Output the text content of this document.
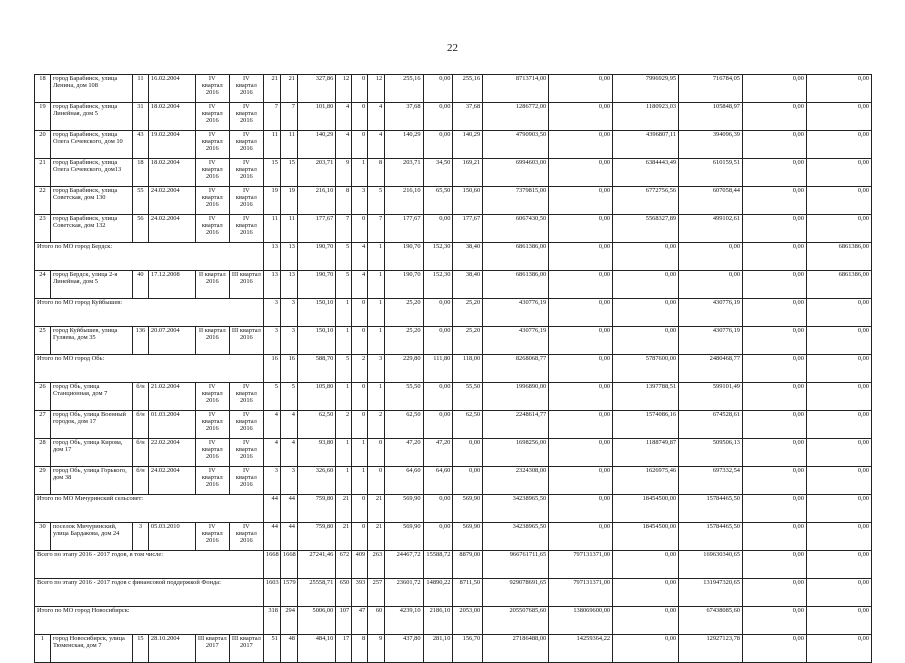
22
18	город Барабинск, улица Ленина, дом 108	11	16.02.2004	IV квартал 2016	IV квартал 2016	21	21	327,86	12	0	12	255,16	0,00	255,16	8713714,00	0,00	7996929,95	716784,05	0,00	0,00
19	город Барабинск, улица Линейная, дом 5	31	18.02.2004	IV квартал 2016	IV квартал 2016	7	7	101,80	4	0	4	37,68	0,00	37,68	1286772,00	0,00	1180923,03	105848,97	0,00	0,00
20	город Барабинск, улица Олега Сечевского, дом 10	43	19.02.2004	IV квартал 2016	IV квартал 2016	11	11	140,29	4	0	4	140,29	0,00	140,29	4790903,50	0,00	4396807,11	394096,39	0,00	0,00
21	город Барабинск, улица Олега Сечевского, дом13	18	18.02.2004	IV квартал 2016	IV квартал 2016	15	15	203,71	9	1	8	203,71	34,50	169,21	6994603,00	0,00	6384443,49	610159,51	0,00	0,00
22	город Барабинск, улица Советская, дом 130	55	24.02.2004	IV квартал 2016	IV квартал 2016	19	19	216,10	8	3	5	216,10	65,50	150,60	7379815,00	0,00	6772756,56	607058,44	0,00	0,00
23	город Барабинск, улица Советская, дом 132	56	24.02.2004	IV квартал 2016	IV квартал 2016	11	11	177,67	7	0	7	177,67	0,00	177,67	6067430,50	0,00	5568327,89	499102,61	0,00	0,00
Итого по МО город Бердск:						13	13	190,70	5	4	1	190,70	152,30	38,40	6861386,00	0,00	0,00	0,00	0,00	6861386,00
24	город Бердск, улица 2-я Линейная, дом 5	40	17.12.2008	II квартал 2016	III квартал 2016	13	13	190,70	5	4	1	190,70	152,30	38,40	6861386,00	0,00	0,00	0,00	0,00	6861386,00
Итого по МО город Куйбышев:						3	3	150,10	1	0	1	25,20	0,00	25,20	430776,19	0,00	0,00	430776,19	0,00	0,00
25	город Куйбышев, улица Гуляева, дом 35	136	20.07.2004	II квартал 2016	III квартал 2016	3	3	150,10	1	0	1	25,20	0,00	25,20	430776,19	0,00	0,00	430776,19	0,00	0,00
Итого по МО город Обь:						16	16	588,70	5	2	3	229,80	111,80	118,00	8268068,77	0,00	5787600,00	2480468,77	0,00	0,00
26	город Обь, улица Станционная, дом 7	б/н	21.02.2004	IV квартал 2016	IV квартал 2016	5	5	105,80	1	0	1	55,50	0,00	55,50	1996890,00	0,00	1397788,51	599101,49	0,00	0,00
27	город Обь, улица Военный городок, дом 17	б/н	01.03.2004	IV квартал 2016	IV квартал 2016	4	4	62,50	2	0	2	62,50	0,00	62,50	2248614,77	0,00	1574086,16	674528,61	0,00	0,00
28	город Обь, улица Кирова, дом 17	б/н	22.02.2004	IV квартал 2016	IV квартал 2016	4	4	93,80	1	1	0	47,20	47,20	0,00	1698256,00	0,00	1188749,87	509506,13	0,00	0,00
29	город Обь, улица Горького, дом 38	б/н	24.02.2004	IV квартал 2016	IV квартал 2016	3	3	326,60	1	1	0	64,60	64,60	0,00	2324308,00	0,00	1626975,46	697332,54	0,00	0,00
Итого по МО Мичуринский сельсовет:						44	44	759,80	21	0	21	569,90	0,00	569,90	34238965,50	0,00	18454500,00	15784465,50	0,00	0,00
30	поселок Мичуринский, улица Бардакова, дом 24	3	05.03.2010	IV квартал 2016	IV квартал 2016	44	44	759,80	21	0	21	569,90	0,00	569,90	34238965,50	0,00	18454500,00	15784465,50	0,00	0,00
Всего по этапу 2016 - 2017 годов, в том числе:						1668	1668	27241,46	672	409	263	24467,72	15588,72	8879,00	966761711,65	797131371,00	0,00	169630340,65	0,00	0,00
Всего по этапу 2016 - 2017 годов с финансовой поддержкой Фонда:						1603	1579	25558,71	650	393	257	23601,72	14890,22	8711,50	929078691,65	797131371,00	0,00	131947320,65	0,00	0,00
Итого по МО город Новосибирск:						318	294	5006,00	107	47	60	4239,10	2186,10	2053,00	205507685,60	138069600,00	0,00	67438085,60	0,00	0,00
1	город Новосибирск, улица Тюменская, дом 7	15	28.10.2004	III квартал 2017	III квартал 2017	51	48	484,10	17	8	9	437,80	281,10	156,70	27186488,00	14259364,22	0,00	12927123,78	0,00	0,00
